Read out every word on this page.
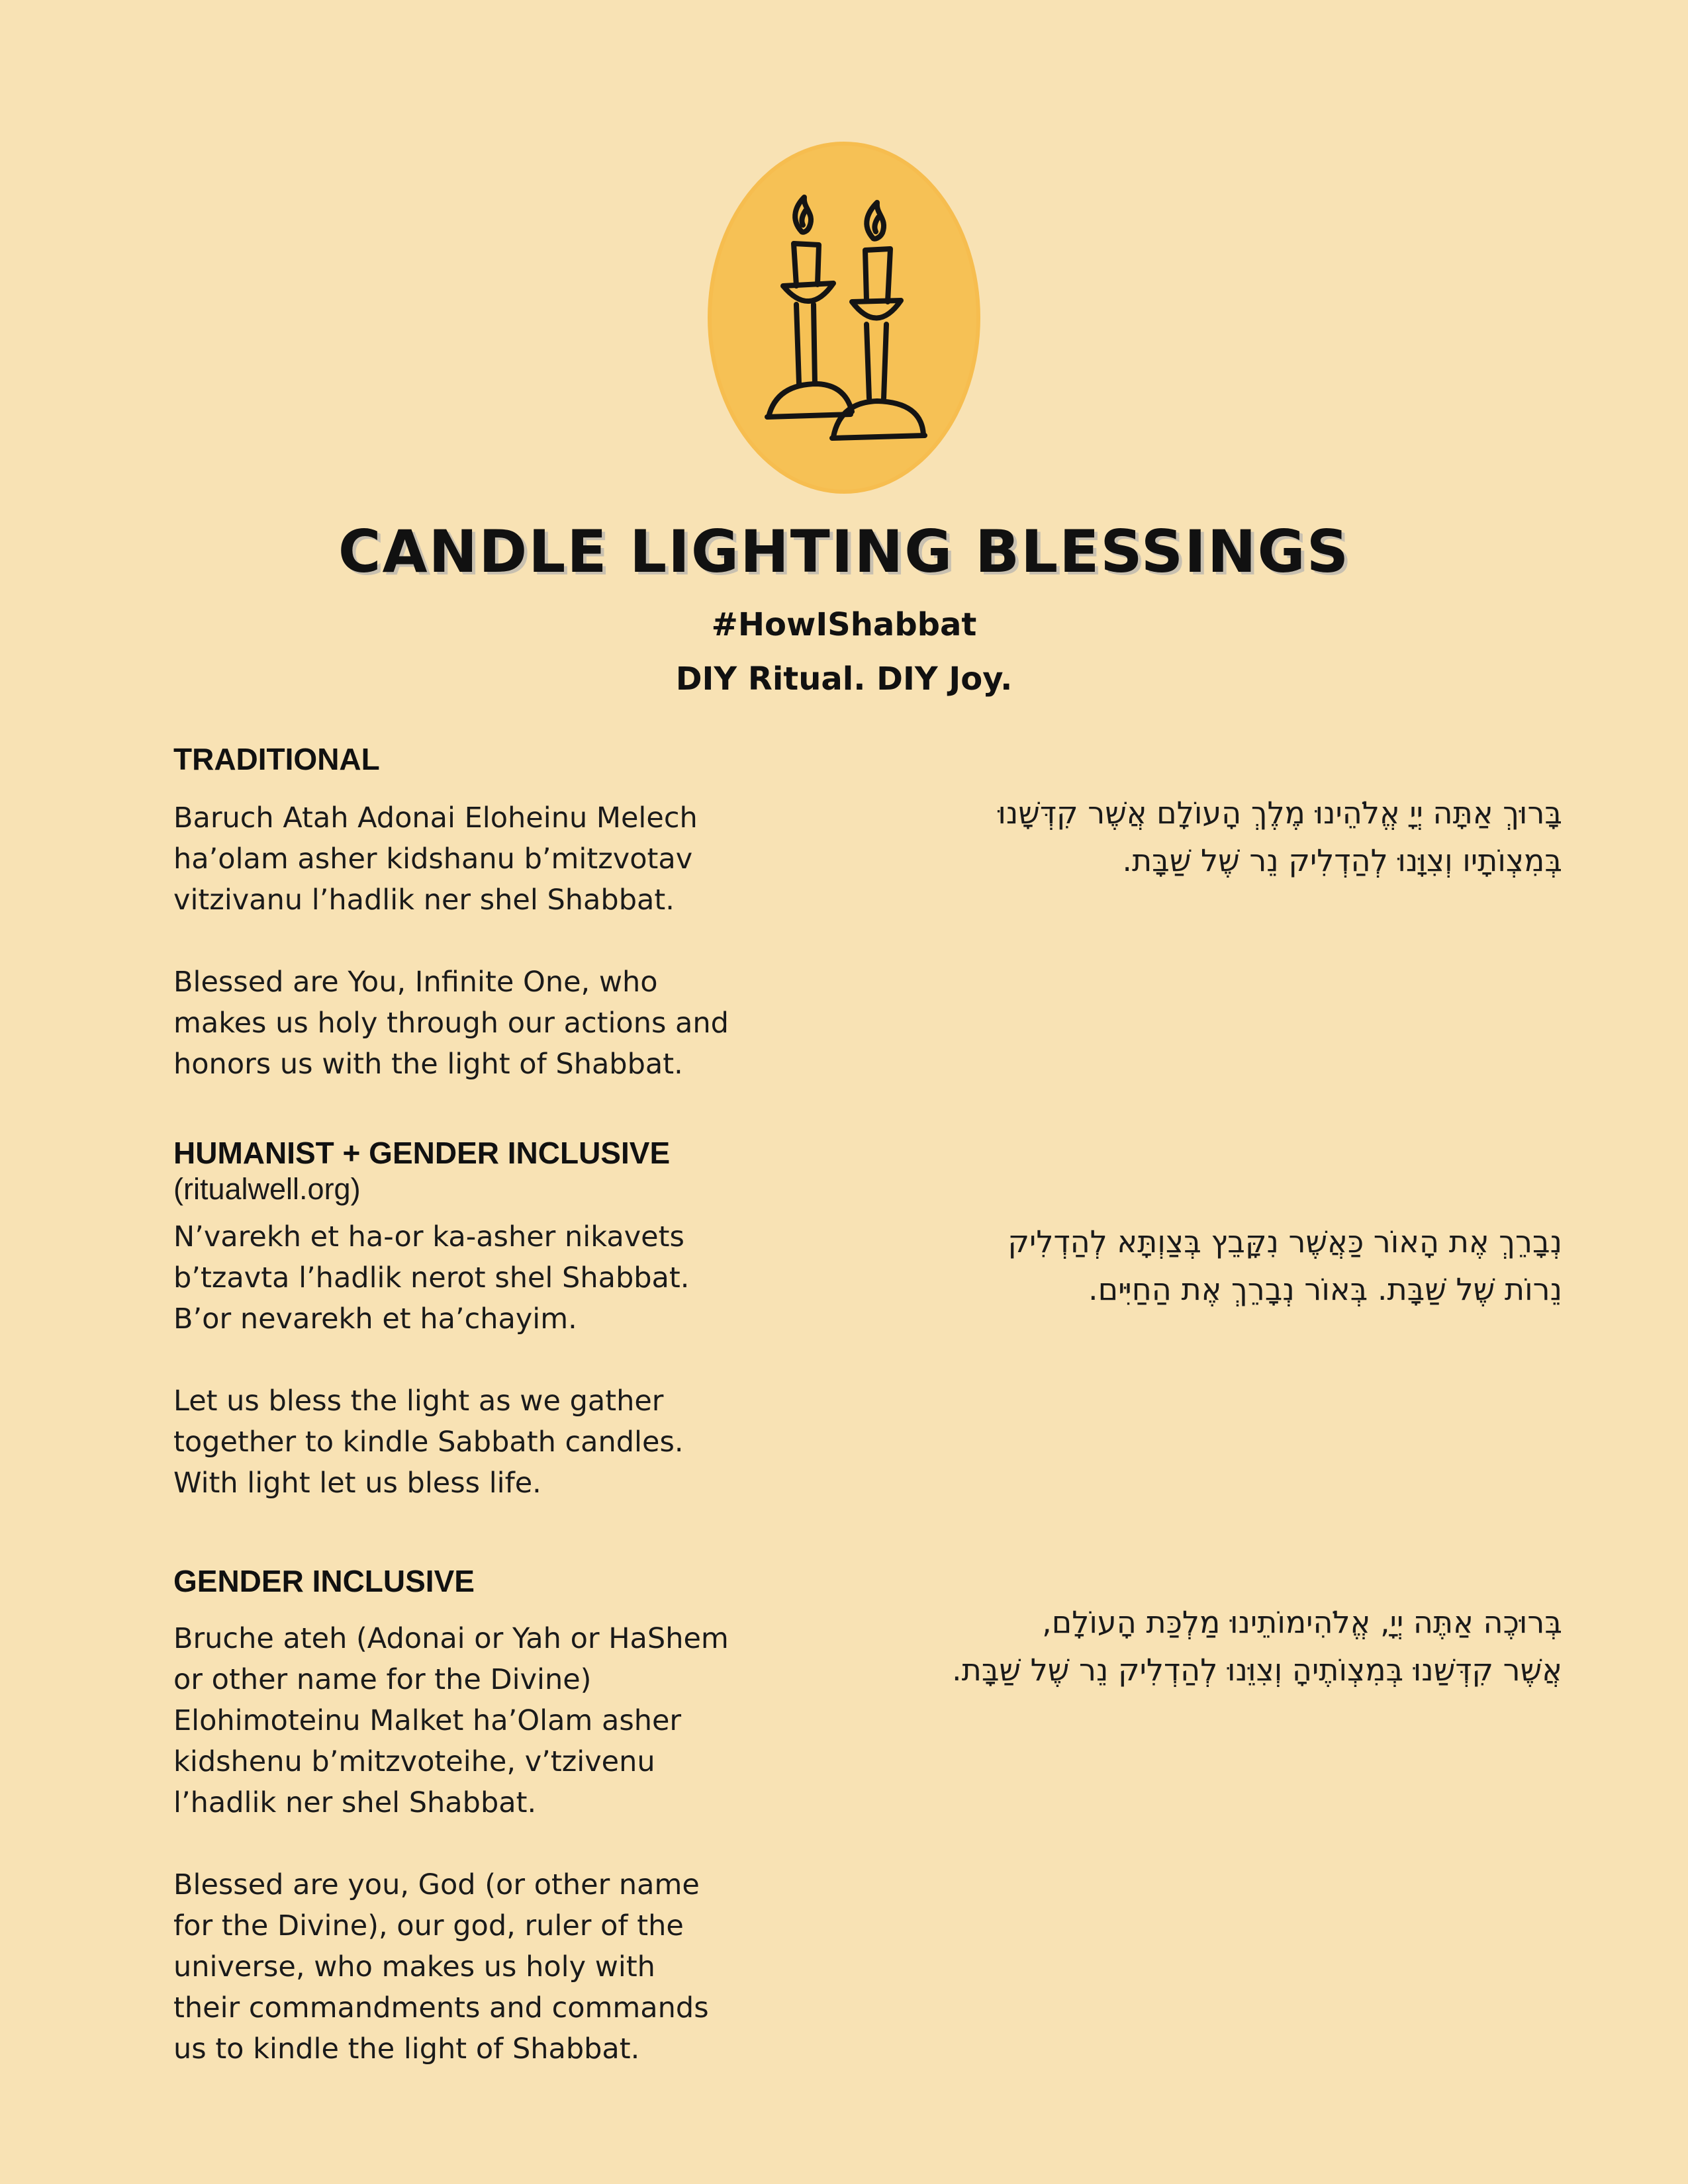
CANDLE LIGHTING BLESSINGS
#HowIShabbat
DIY Ritual. DIY Joy.
TRADITIONAL

Baruch Atah Adonai Eloheinu Melech
ha’olam asher kidshanu b’mitzvotav
vitzivanu l’hadlik ner shel Shabbat.

Blessed are You, Infinite One, who
makes us holy through our actions and
honors us with the light of Shabbat.

בָּרוּךְ אַתָּה יְיָ אֱלֹהֵינוּ מֶלֶךְ הָעוֹלָם אֲשֶׁר קִדְּשָׁנוּ
בְּמִצְוֹתָיו וְצִוָּנוּ לְהַדְלִיק נֵר שֶׁל שַׁבָּת.
HUMANIST + GENDER INCLUSIVE
(ritualwell.org)

N’varekh et ha-or ka-asher nikavets
b’tzavta l’hadlik nerot shel Shabbat.
B’or nevarekh et ha’chayim.

Let us bless the light as we gather
together to kindle Sabbath candles.
With light let us bless life.

נְבָרֵךְ אֶת הָאוֹר כַּאֲשֶׁר נִקָּבֵץ בְּצַוְתָּא לְהַדְלִיק
נֵרוֹת שֶׁל שַׁבָּת. בְּאוֹר נְבָרֵךְ אֶת הַחַיִּים.
GENDER INCLUSIVE

Bruche ateh (Adonai or Yah or HaShem
or other name for the Divine)
Elohimoteinu Malket ha’Olam asher
kidshenu b’mitzvoteihe, v’tzivenu
l’hadlik ner shel Shabbat.

Blessed are you, God (or other name
for the Divine), our god, ruler of the
universe, who makes us holy with
their commandments and commands
us to kindle the light of Shabbat.

בְּרוּכֶה אַתֶּה יְיָ, אֱלֹהִימוֹתֵינוּ מַלְכַּת הָעוֹלָם,
אֲשֶׁר קִדְּשַׁנוּ בְּמִצְוֹתֶיהָ וְצִוֵּנוּ לְהַדְלִיק נֵר שֶׁל שַׁבָּת.
